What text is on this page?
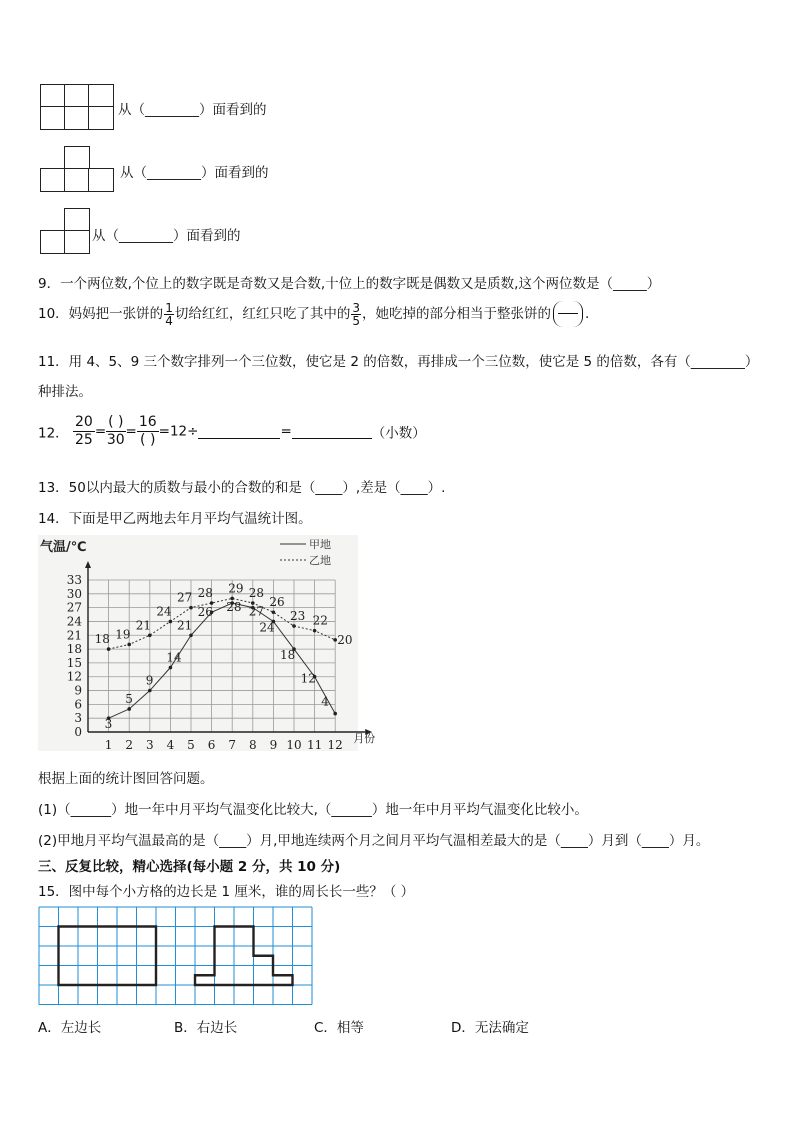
从（________）面看到的
从（________）面看到的
从（________）面看到的
9．一个两位数,个位上的数字既是奇数又是合数,十位上的数字既是偶数又是质数,这个两位数是（_____）
10．妈妈把一张饼的 $\frac{1}{4}$ 切给红红，红红只吃了其中的 $\frac{3}{5}$ ，她吃掉的部分相当于整张饼的	.
11．用 4、5、9 三个数字排列一个三位数，使它是 2 的倍数，再排成一个三位数，使它是 5 的倍数，各有（________）
种排法。
12． $\frac{20}{25}= \frac{( )}{30}= \frac{16}{( )}=12\div$	=	（小数）
13．50以内最大的质数与最小的合数的和是（____）,差是（____）.
14．下面是甲乙两地去年月平均气温统计图。
0
3
6
9
12
15
18
21
24
27
30
33
1 2 3 4 5 6 7 8 9 10 11 12
气温/℃
月份
甲地
乙地
3
5
9
14
21
26 28 27
24
18
12
4
18 19
21
24
27 28 29 28
26
23 22
20
根据上面的统计图回答问题。
(1)（______）地一年中月平均气温变化比较大,（______）地一年中月平均气温变化比较小。
(2)甲地月平均气温最高的是（____）月,甲地连续两个月之间月平均气温相差最大的是（____）月到（____）月。
三、反复比较，精心选择(每小题 2 分，共 10 分)
15．图中每个小方格的边长是 1 厘米，谁的周长长一些？（ ）
A．左边长	B．右边长	C．相等	D．无法确定
